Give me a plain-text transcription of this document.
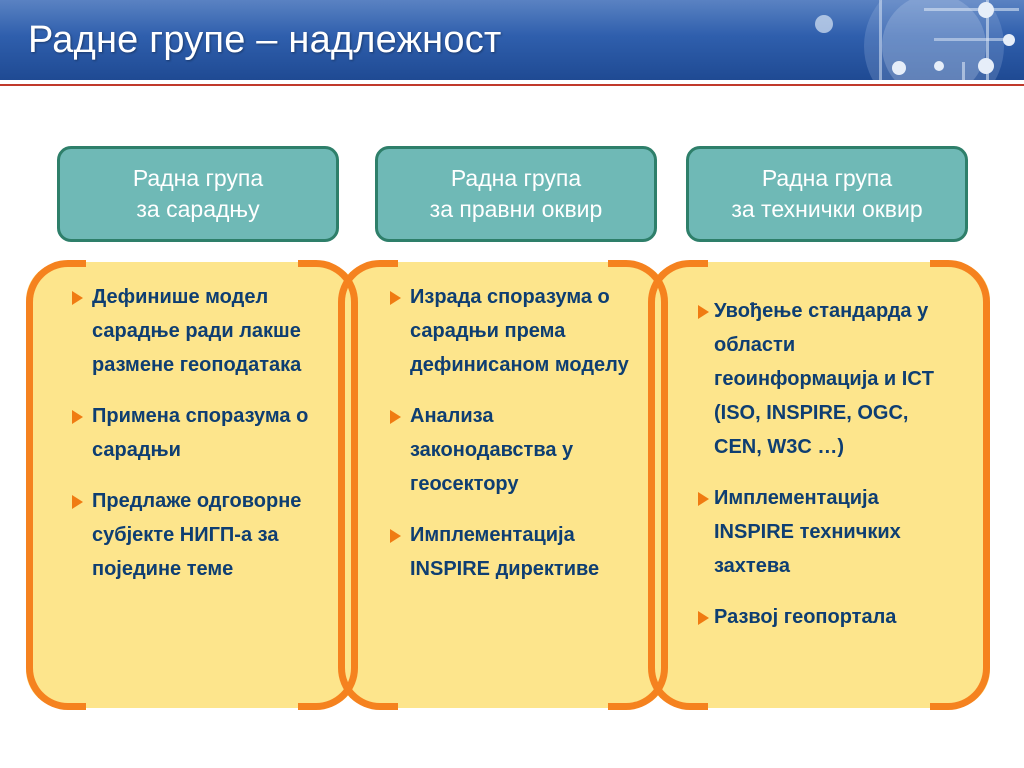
Радне групе – надлежност
Радна група
за сарадњу
Радна група
за правни оквир
Радна група
за технички оквир
Дефинише модел сарадње ради лакше размене геоподатака
Примена споразума о сарадњи
Предлаже одговорне субјекте НИГП-а за поједине теме
Израда споразума о сарадњи према дефинисаном моделу
Анализа законодавства у геосектору
Имплементација INSPIRE директиве
Увођење стандарда у области геоинформација и ICT (ISO, INSPIRE, OGC, CEN, W3C …)
Имплементација INSPIRE техничких захтева
Развој геопортала
